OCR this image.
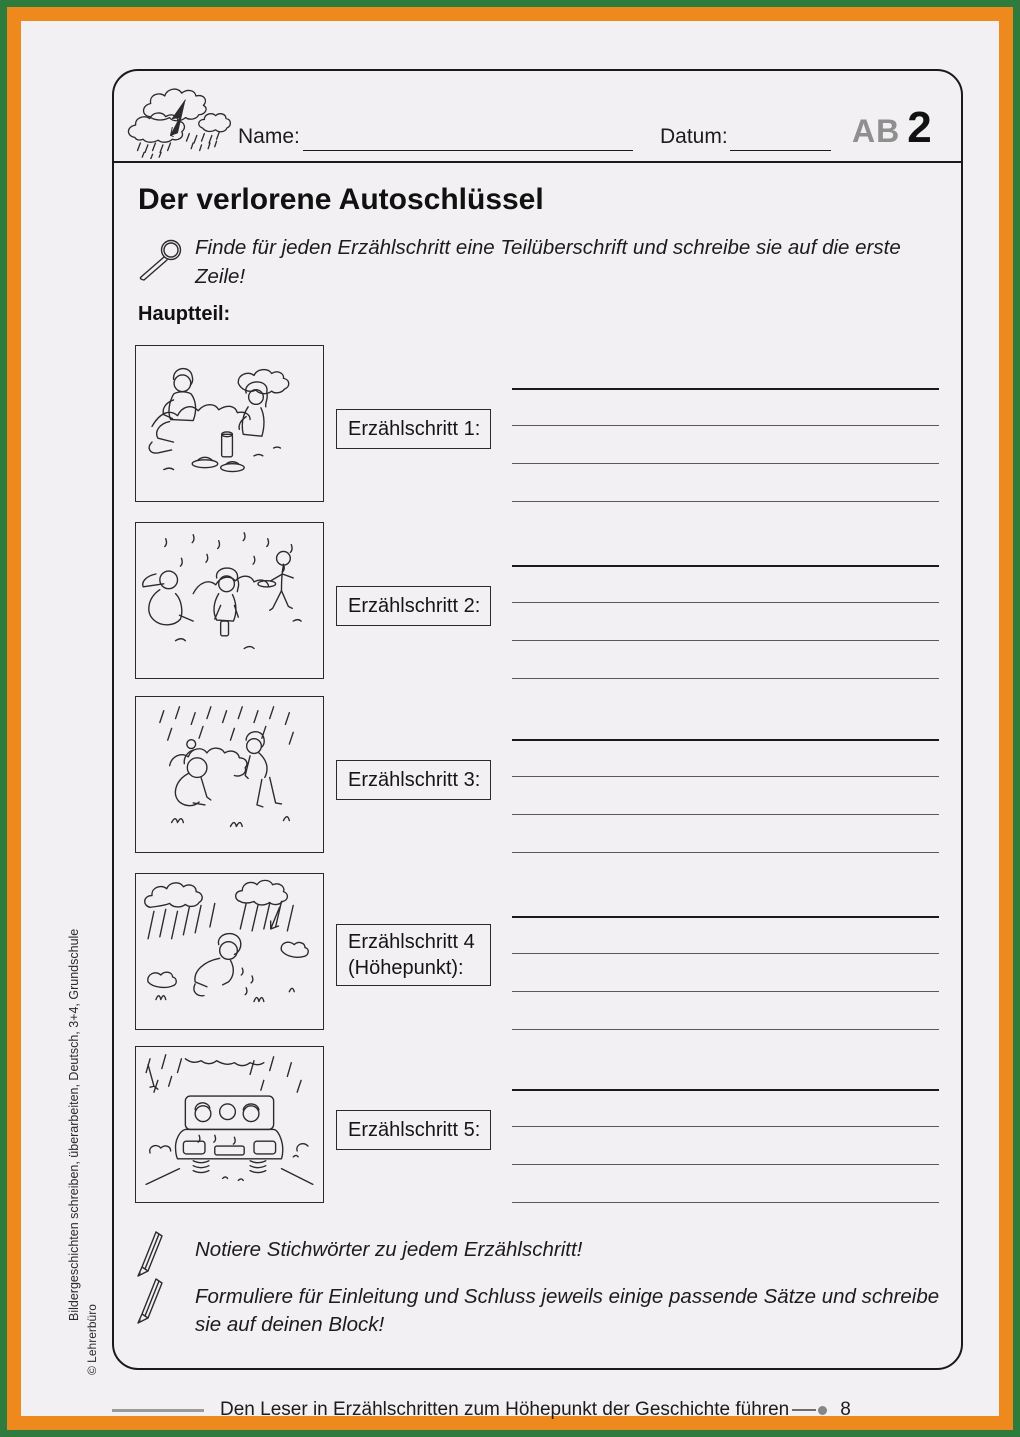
Name:	Datum:	AB 2
Der verlorene Autoschlüssel
Finde für jeden Erzählschritt eine Teilüberschrift und schreibe sie auf die erste Zeile!
Hauptteil:
Erzählschritt 1:
Erzählschritt 2:
Erzählschritt 3:
Erzählschritt 4 (Höhepunkt):
Erzählschritt 5:
Notiere Stichwörter zu jedem Erzählschritt!
Formuliere für Einleitung und Schluss jeweils einige passende Sätze und schreibe sie auf deinen Block!
Den Leser in Erzählschritten zum Höhepunkt der Geschichte führen	8
Bildergeschichten schreiben, überarbeiten, Deutsch, 3+4, Grundschule
© Lehrerbüro
